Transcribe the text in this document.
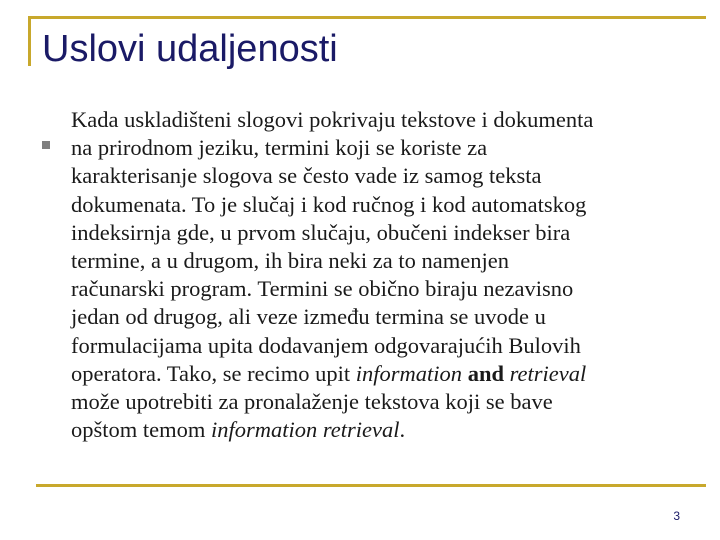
Uslovi udaljenosti

Kada uskladišteni slogovi pokrivaju tekstove i dokumenta
na prirodnom jeziku, termini koji se koriste za
karakterisanje slogova se često vade iz samog teksta
dokumenata. To je slučaj i kod ručnog i kod automatskog
indeksirnja gde, u prvom slučaju, obučeni indekser bira
termine, a u drugom, ih bira neki za to namenjen
računarski program. Termini se obično biraju nezavisno
jedan od drugog, ali veze između termina se uvode u
formulacijama upita dodavanjem odgovarajućih Bulovih
operatora. Tako, se recimo upit information and retrieval
može upotrebiti za pronalaženje tekstova koji se bave
opštom temom information retrieval.

3
